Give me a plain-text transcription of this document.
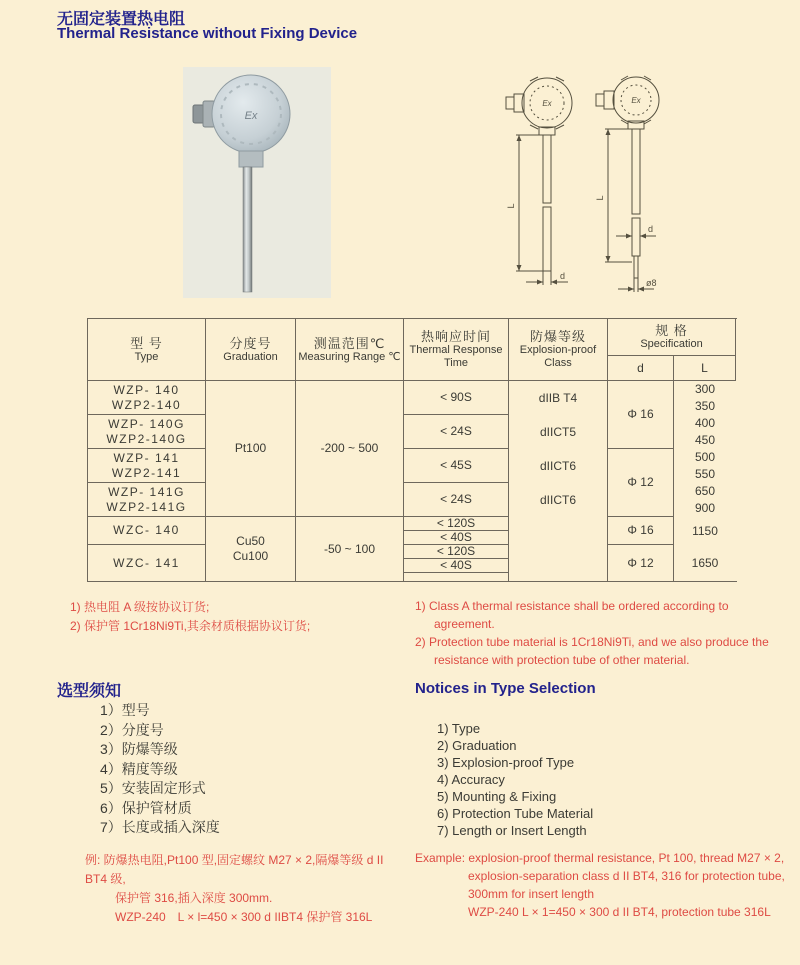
无固定装置热电阻
Thermal Resistance without Fixing Device
Ex
Ex
L
d
Ex
L
d
ø8
型 号
Type
分度号
Graduation
测温范围℃
Measuring Range ℃
热响应时间
Thermal Response Time
防爆等级
Explosion-proof Class
规 格
Specification
d	L
WZP- 140
WZP2-140
WZP- 140G
WZP2-140G
WZP- 141
WZP2-141
WZP- 141G
WZP2-141G
WZC- 140
WZC- 141
Pt100
Cu50
Cu100
-200 ~ 500
-50 ~ 100
< 90S
< 24S
< 45S
< 24S
< 120S
< 40S
< 120S
< 40S
dIIB T4
dIICT5
dIICT6
dIICT6
Φ 16
Φ 12
Φ 16
Φ 12
300
350
400
450
500
550
650
900
1150
1650
1) 热电阻 A 级按协议订货;
2) 保护管 1Cr18Ni9Ti,其余材质根据协议订货;
1) Class A thermal resistance shall be ordered according to agreement.
2) Protection tube material is 1Cr18Ni9Ti, and we also produce the resistance with protection tube of other material.
选型须知
1）型号
2）分度号
3）防爆等级
4）精度等级
5）安装固定形式
6）保护管材质
7）长度或插入深度
Notices in Type Selection
1) Type
2) Graduation
3) Explosion-proof Type
4) Accuracy
5) Mounting & Fixing
6) Protection Tube Material
7) Length or Insert Length
例: 防爆热电阻,Pt100 型,固定螺纹 M27 × 2,隔爆等级 d II BT4 级,
保护管 316,插入深度 300mm.
WZP-240　L × l=450 × 300 d IIBT4 保护管 316L
Example: explosion-proof thermal resistance, Pt 100, thread M27 × 2,
explosion-separation class d II BT4, 316 for protection tube,
300mm for insert length
WZP-240 L × 1=450 × 300 d II BT4, protection tube 316L
